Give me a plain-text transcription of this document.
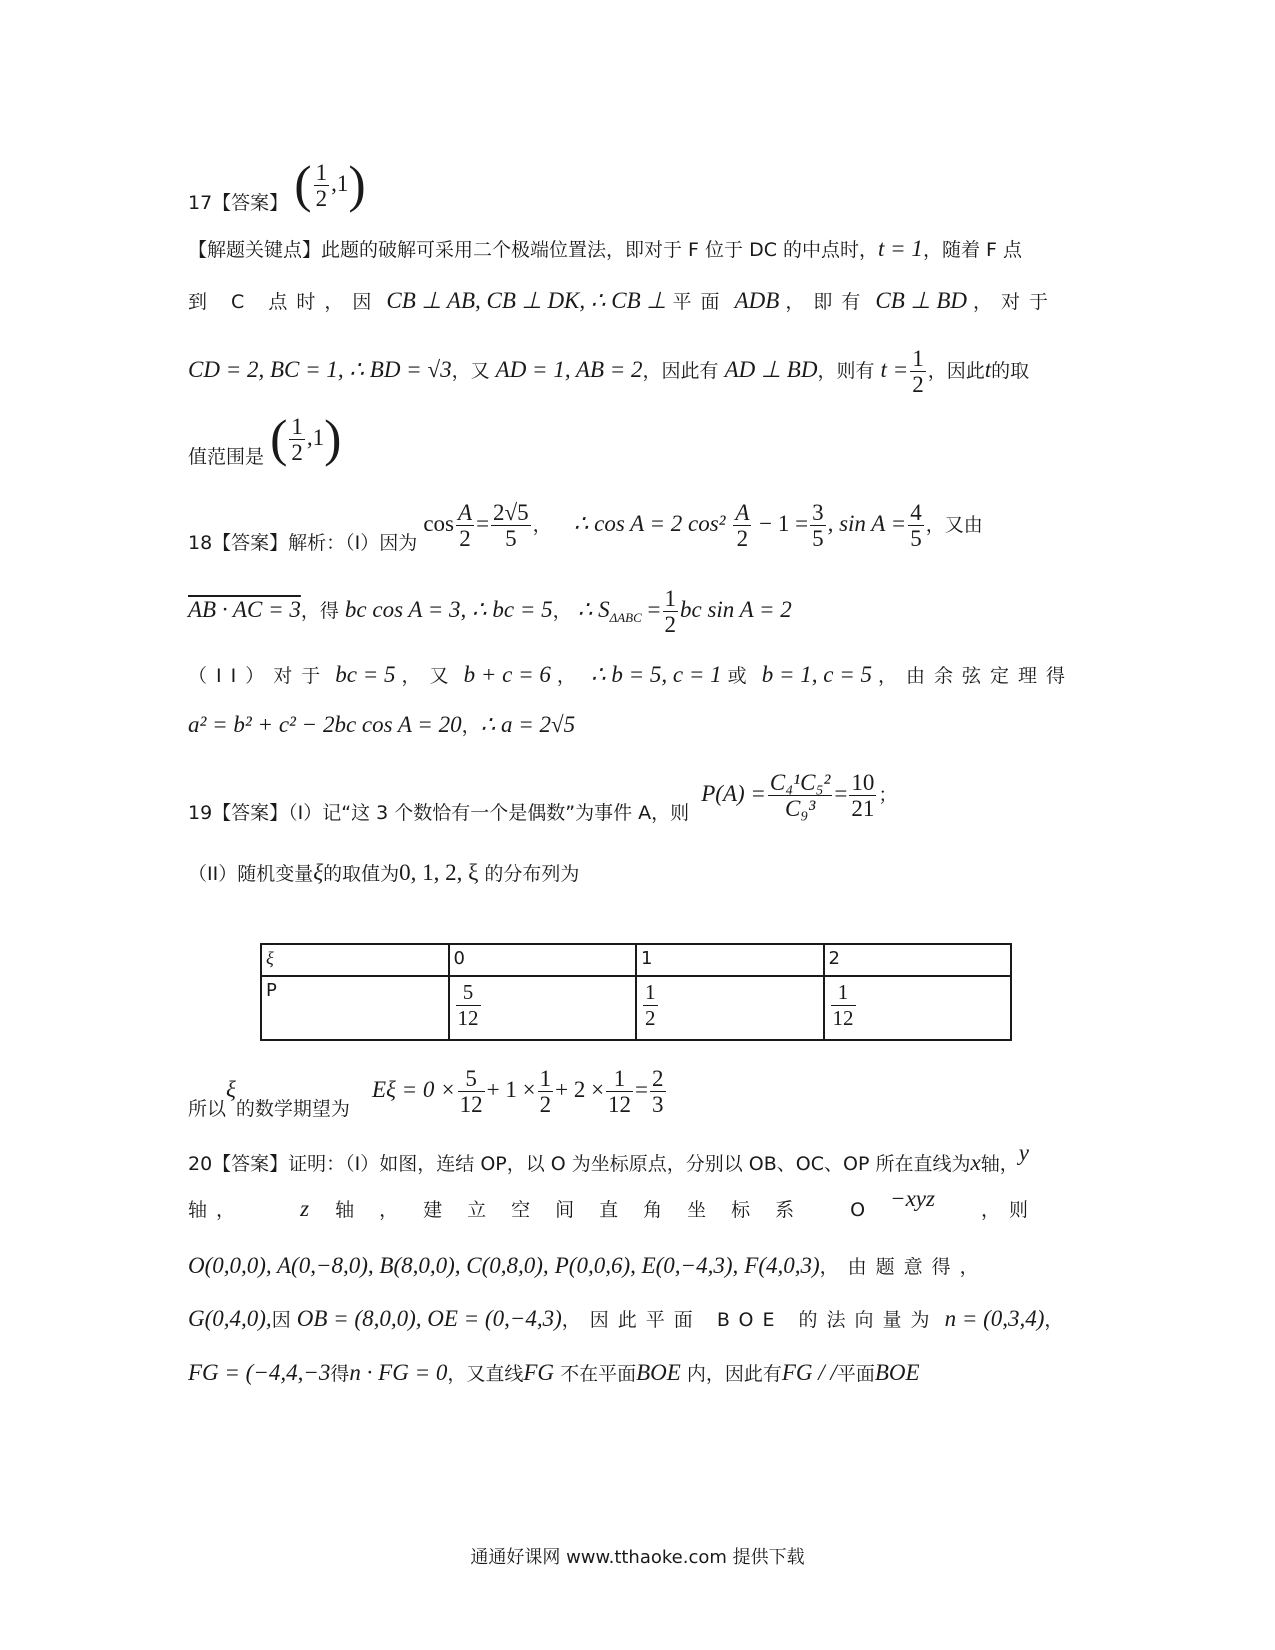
17【答案】 ( $\frac{1}{2} ,1$)
【解题关键点】此题的破解可采用二个极端位置法，即对于 F 位于 DC 的中点时，t = 1，随着 F 点
到 C 点时，因 CB ⊥ AB, CB ⊥ DK, ∴ CB ⊥ 平面 ADB ，即有 CB ⊥ BD ，对于
CD = 2, BC = 1, ∴ BD = √3，又 AD = 1, AB = 2，因此有 AD ⊥ BD，则有 $t = \frac{1}{2}$ ，因此t的取
值范围是 ( $\frac{1}{2} ,1$)
18【答案】解析：（I）因为 $\cos \frac{A}{2} = \frac{2√5}{5}$ ， ∴ cos A = 2 $\cos^2 \frac{A}{2} - 1 = \frac{3}{5}$ , $\sin A = \frac{4}{5}$ ，又由
AB · AC = 3，得 bc cos A = 3, ∴ bc = 5， ∴ $S_{\Delta ABC} = \frac{1}{2}$ bc sin A = 2
（II）对于 bc = 5 ，又 b + c = 6 ， ∴ b = 5, c = 1 或 b = 1, c = 5 ，由余弦定理得
a² = b² + c² − 2bc cos A = 20，∴ a = 2√5
19【答案】（I）记“这 3 个数恰有一个是偶数”为事件 A，则 $P(A) = \frac{\text{C₄¹C₅²}}{\text{C₉³}} = \frac{10}{21}$ ；
（II）随机变量ξ的取值为0, 1, 2, ξ 的分布列为
ξ	0	1	2
P	$\frac{5}{12}$	$\frac{1}{2}$	$\frac{1}{12}$
所以ξ的数学期望为 $E\xi = 0 \times \frac{5}{12} + 1 \times \frac{1}{2} + 2 \times \frac{1}{12} = \frac{2}{3}$
20【答案】证明：（I）如图，连结 OP，以 O 为坐标原点，分别以 OB、OC、OP 所在直线为x轴，y
轴， z 轴，建立空间直角坐标系 O−xyz ，则
O(0,0,0), A(0,−8,0), B(8,0,0), C(0,8,0), P(0,0,6), E(0,−4,3), F(4,0,3)，由题意得，
G(0,4,0),因 OB = (8,0,0), OE = (0,−4,3)，因此平面 BOE 的法向量为 n = (0,3,4)，
FG = (−4,4,−3得n · FG = 0，又直线FG 不在平面BOE 内，因此有FG / /平面BOE
通通好课网 www.tthaoke.com 提供下载
